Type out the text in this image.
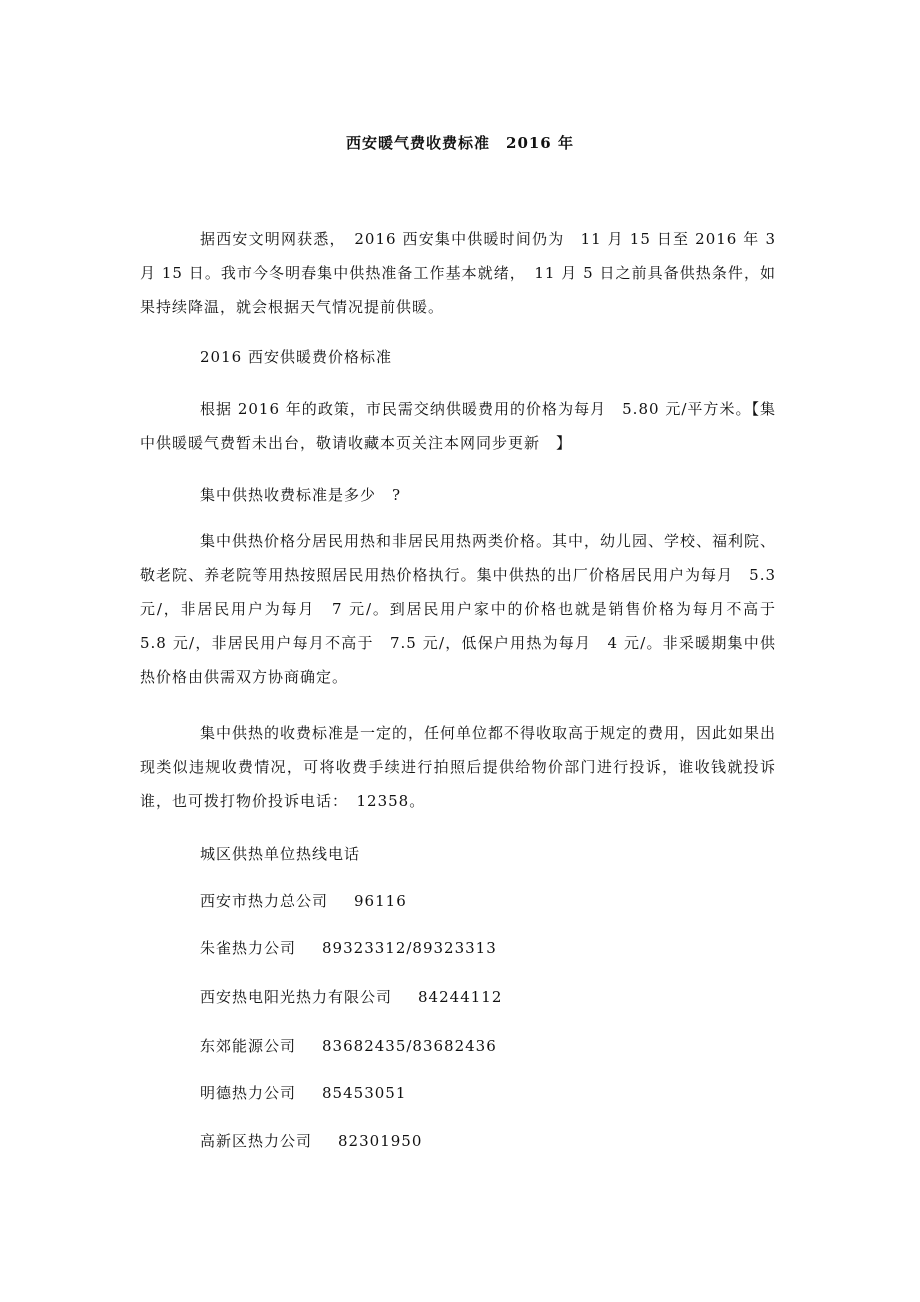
西安暖气费收费标准　2016 年

据西安文明网获悉，　2016 西安集中供暖时间仍为　11 月 15 日至 2016 年 3 月 15 日。我市今冬明春集中供热准备工作基本就绪，　11 月 5 日之前具备供热条件，如果持续降温，就会根据天气情况提前供暖。

2016 西安供暖费价格标准

根据 2016 年的政策，市民需交纳供暖费用的价格为每月　5.80 元/平方米。【集中供暖暖气费暂未出台，敬请收藏本页关注本网同步更新　】

集中供热收费标准是多少　?

集中供热价格分居民用热和非居民用热两类价格。其中，幼儿园、学校、福利院、敬老院、养老院等用热按照居民用热价格执行。集中供热的出厂价格居民用户为每月　5.3 元/，非居民用户为每月　7 元/。到居民用户家中的价格也就是销售价格为每月不高于　5.8 元/，非居民用户每月不高于　7.5 元/，低保户用热为每月　4 元/。非采暖期集中供热价格由供需双方协商确定。

集中供热的收费标准是一定的，任何单位都不得收取高于规定的费用，因此如果出现类似违规收费情况，可将收费手续进行拍照后提供给物价部门进行投诉，谁收钱就投诉谁，也可拨打物价投诉电话：　12358。

城区供热单位热线电话

西安市热力总公司 96116

朱雀热力公司 89323312/89323313

西安热电阳光热力有限公司 84244112

东郊能源公司 83682435/83682436

明德热力公司 85453051

高新区热力公司 82301950
